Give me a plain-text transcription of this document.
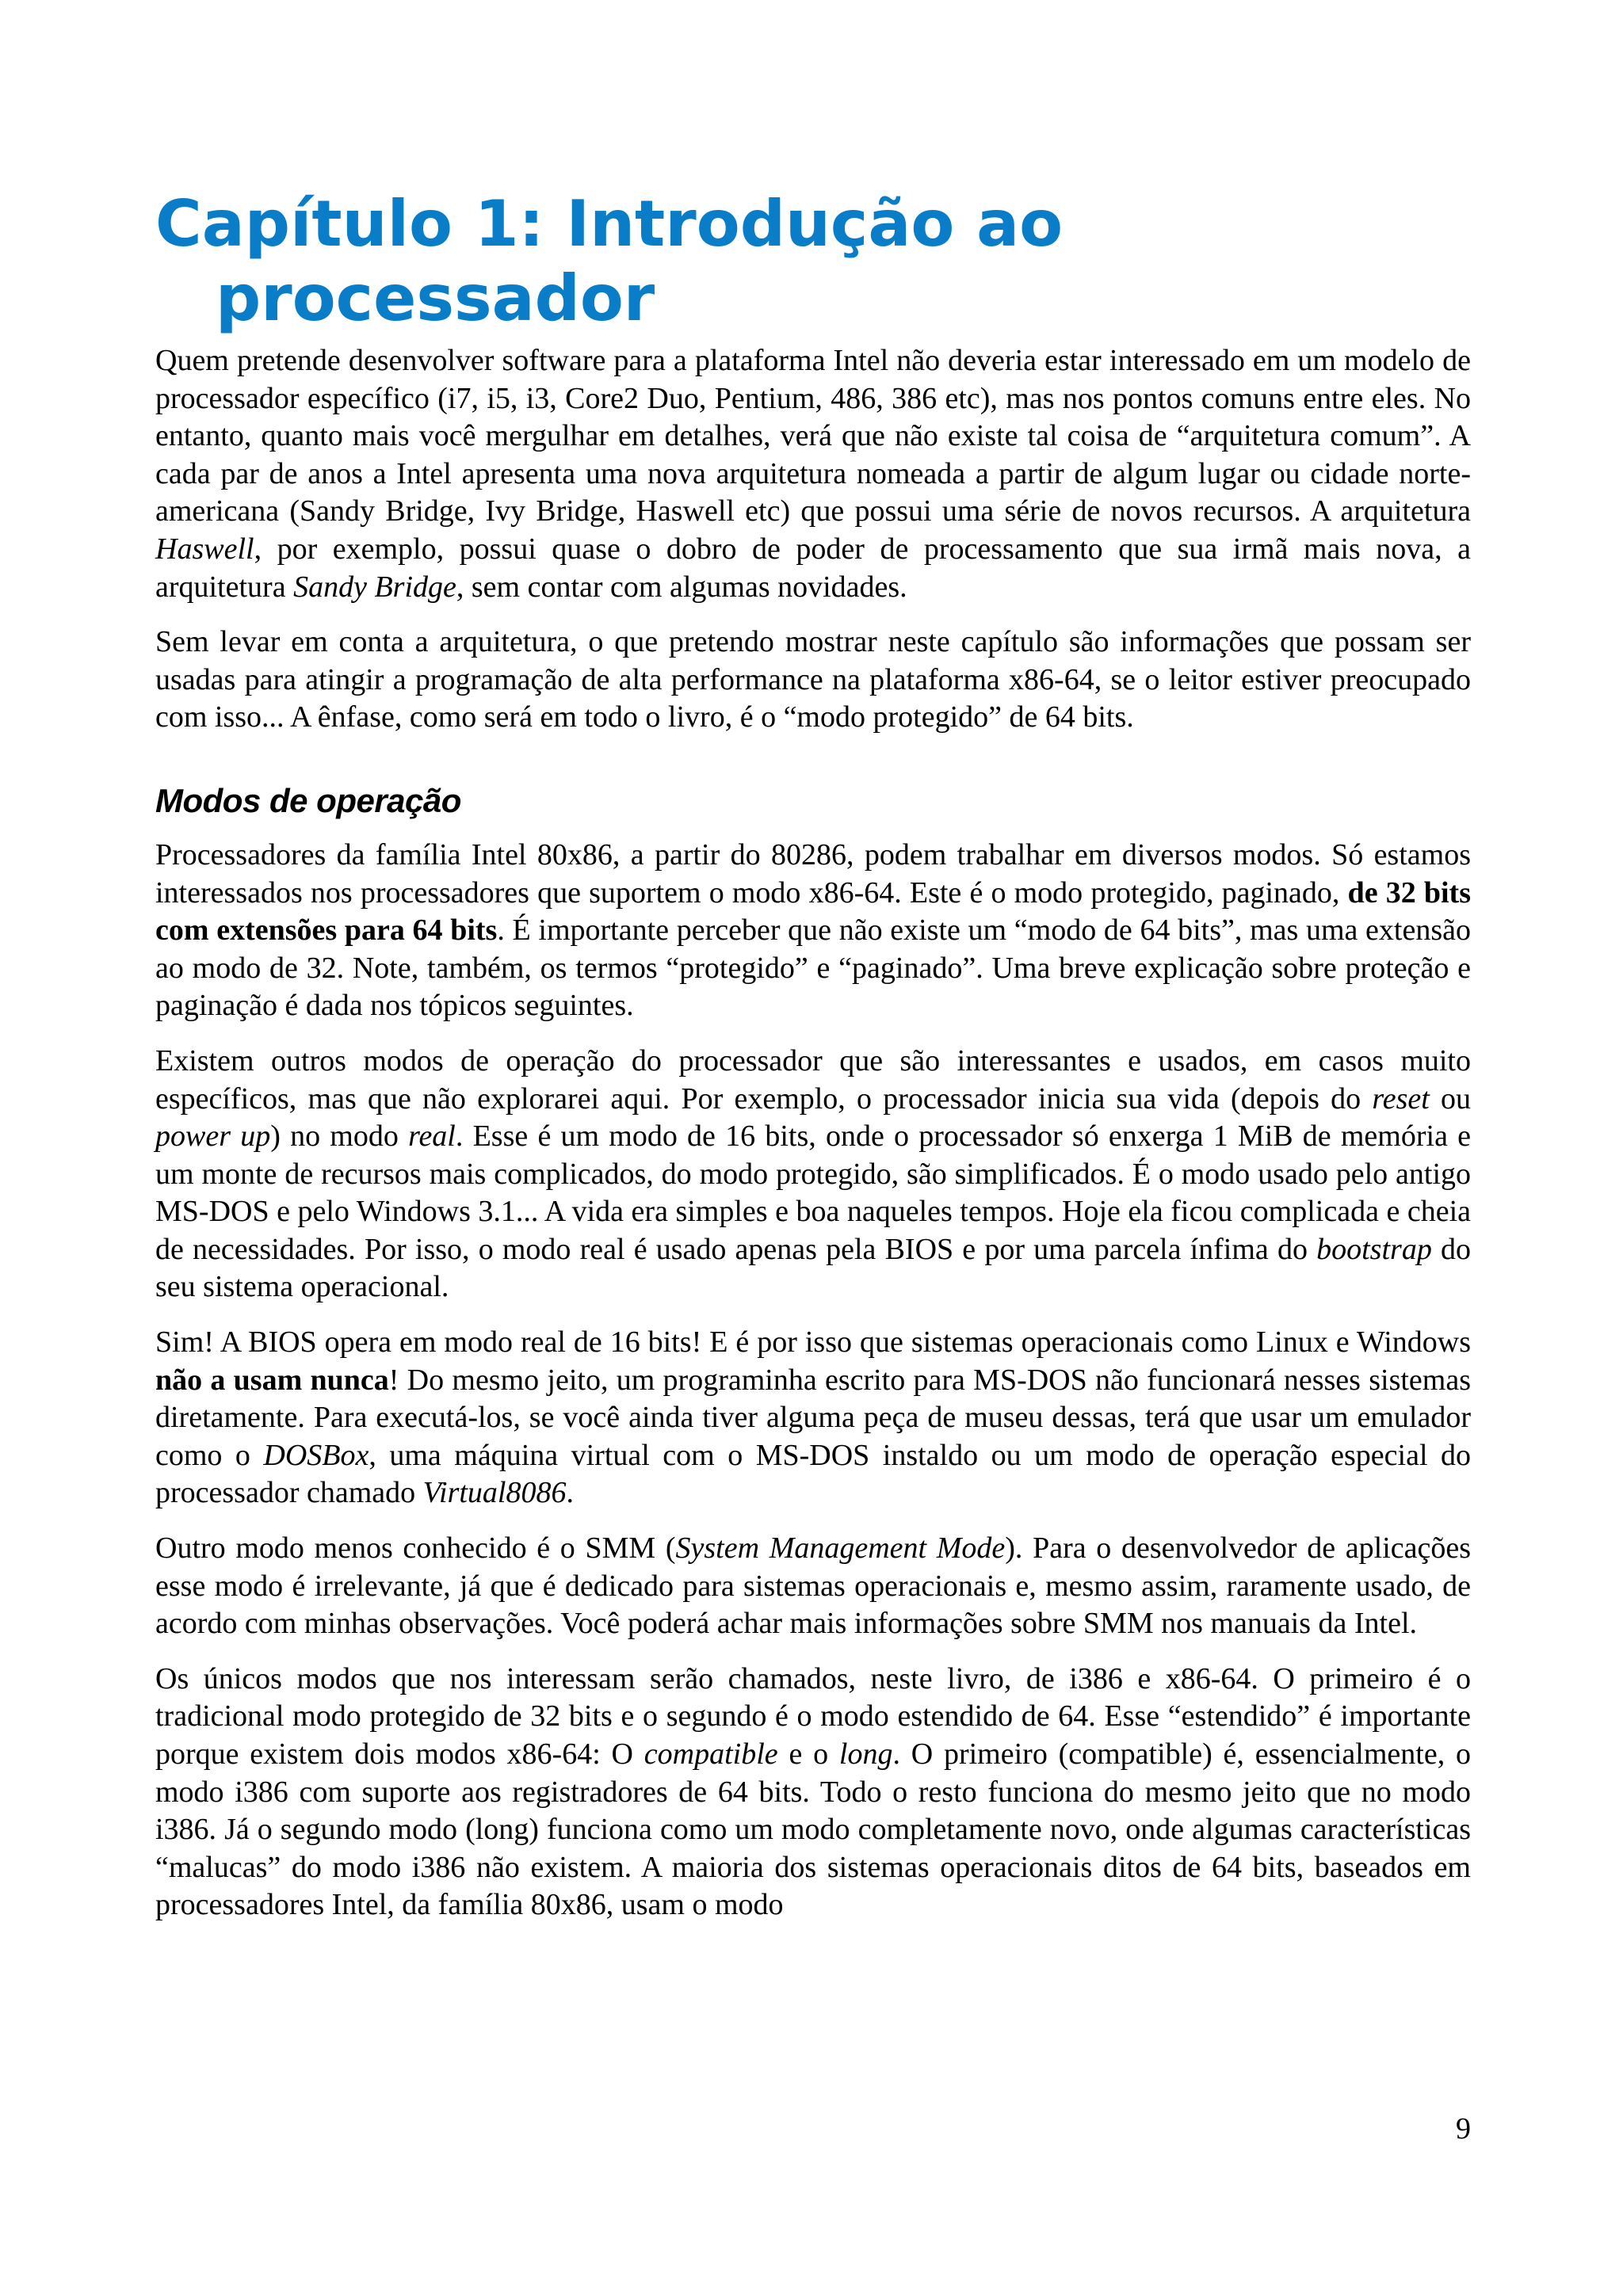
Capítulo 1: Introdução ao processador

Quem pretende desenvolver software para a plataforma Intel não deveria estar interessado em um modelo de processador específico (i7, i5, i3, Core2 Duo, Pentium, 486, 386 etc), mas nos pontos comuns entre eles. No entanto, quanto mais você mergulhar em detalhes, verá que não existe tal coisa de “arquitetura comum”. A cada par de anos a Intel apresenta uma nova arquitetura nomeada a partir de algum lugar ou cidade norte-americana (Sandy Bridge, Ivy Bridge, Haswell etc) que possui uma série de novos recursos. A arquitetura Haswell, por exemplo, possui quase o dobro de poder de processamento que sua irmã mais nova, a arquitetura Sandy Bridge, sem contar com algumas novidades.

Sem levar em conta a arquitetura, o que pretendo mostrar neste capítulo são informações que possam ser usadas para atingir a programação de alta performance na plataforma x86-64, se o leitor estiver preocupado com isso... A ênfase, como será em todo o livro, é o “modo protegido” de 64 bits.

Modos de operação

Processadores da família Intel 80x86, a partir do 80286, podem trabalhar em diversos modos. Só estamos interessados nos processadores que suportem o modo x86-64. Este é o modo protegido, paginado, de 32 bits com extensões para 64 bits. É importante perceber que não existe um “modo de 64 bits”, mas uma extensão ao modo de 32. Note, também, os termos “protegido” e “paginado”. Uma breve explicação sobre proteção e paginação é dada nos tópicos seguintes.

Existem outros modos de operação do processador que são interessantes e usados, em casos muito específicos, mas que não explorarei aqui. Por exemplo, o processador inicia sua vida (depois do reset ou power up) no modo real. Esse é um modo de 16 bits, onde o processador só enxerga 1 MiB de memória e um monte de recursos mais complicados, do modo protegido, são simplificados. É o modo usado pelo antigo MS-DOS e pelo Windows 3.1... A vida era simples e boa naqueles tempos. Hoje ela ficou complicada e cheia de necessidades. Por isso, o modo real é usado apenas pela BIOS e por uma parcela ínfima do bootstrap do seu sistema operacional.

Sim! A BIOS opera em modo real de 16 bits! E é por isso que sistemas operacionais como Linux e Windows não a usam nunca! Do mesmo jeito, um programinha escrito para MS-DOS não funcionará nesses sistemas diretamente. Para executá-los, se você ainda tiver alguma peça de museu dessas, terá que usar um emulador como o DOSBox, uma máquina virtual com o MS-DOS instaldo ou um modo de operação especial do processador chamado Virtual8086.

Outro modo menos conhecido é o SMM (System Management Mode). Para o desenvolvedor de aplicações esse modo é irrelevante, já que é dedicado para sistemas operacionais e, mesmo assim, raramente usado, de acordo com minhas observações. Você poderá achar mais informações sobre SMM nos manuais da Intel.

Os únicos modos que nos interessam serão chamados, neste livro, de i386 e x86-64. O primeiro é o tradicional modo protegido de 32 bits e o segundo é o modo estendido de 64. Esse “estendido” é importante porque existem dois modos x86-64: O compatible e o long. O primeiro (compatible) é, essencialmente, o modo i386 com suporte aos registradores de 64 bits. Todo o resto funciona do mesmo jeito que no modo i386. Já o segundo modo (long) funciona como um modo completamente novo, onde algumas características “malucas” do modo i386 não existem. A maioria dos sistemas operacionais ditos de 64 bits, baseados em processadores Intel, da família 80x86, usam o modo

9
